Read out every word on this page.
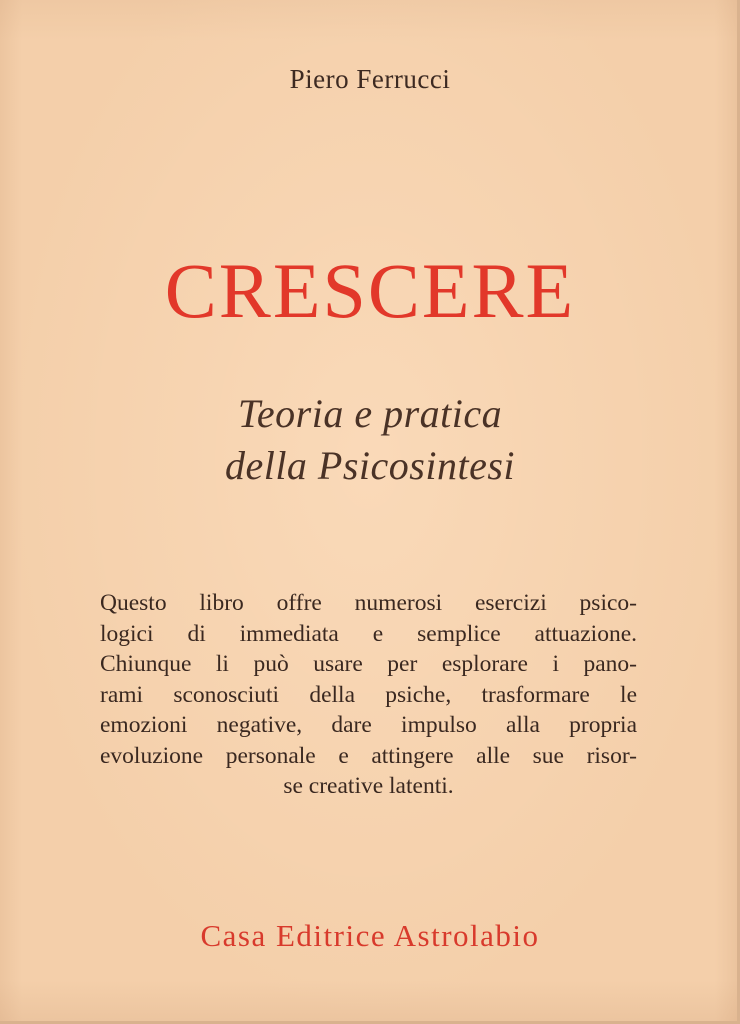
Piero Ferrucci
CRESCERE
Teoria e pratica
della Psicosintesi
Questo libro offre numerosi esercizi psico-
logici di immediata e semplice attuazione.
Chiunque li può usare per esplorare i pano-
rami sconosciuti della psiche, trasformare le
emozioni negative, dare impulso alla propria
evoluzione personale e attingere alle sue risor-
se creative latenti.
Casa Editrice Astrolabio
